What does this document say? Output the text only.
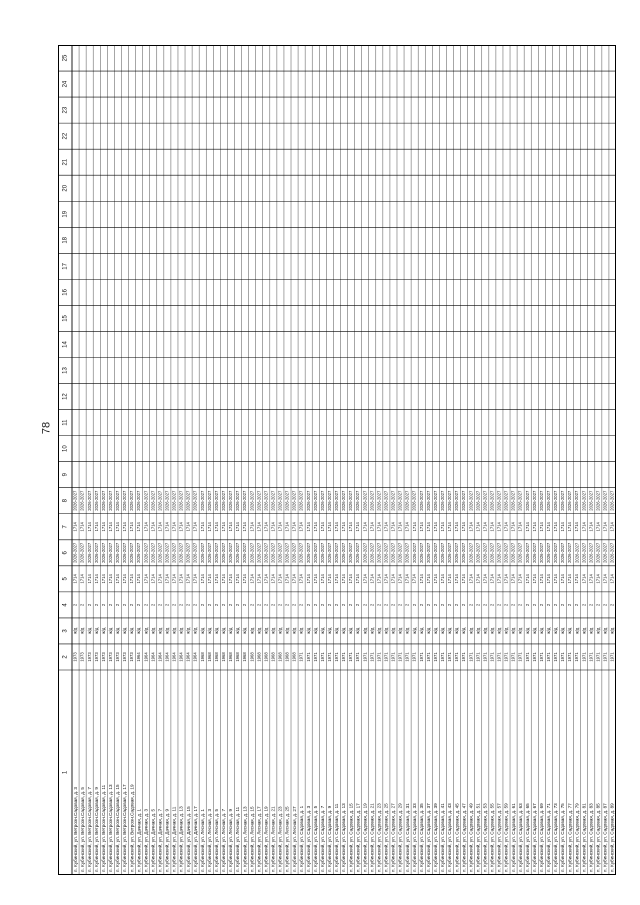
78
1
2
3
4
5
6
7
8
9
10
11
12
13
14
15
16
17
18
19
20
21
22
23
24
25
п. Кубинский, ул. Ветроэн.Садовая, д. 3
1973
ж/д
2
1714
2026-2027
1714
2026-2027
п. Кубинский, ул. Ветроэн.Садовая, д. 5
1973
ж/д
2
1714
2026-2027
1714
2026-2027
п. Кубинский, ул. Ветроэн.Садовая, д. 7
1973
ж/д
2
1714
2026-2027
1714
2026-2027
п. Кубинский, ул. Ветроэн.Садовая, д. 9
1973
ж/д
2
1714
2026-2027
1714
2026-2027
п. Кубинский, ул. Ветроэн.Садовая, д. 11
1973
ж/д
2
1714
2026-2027
1714
2026-2027
п. Кубинский, ул. Ветроэн.Садовая, д. 13
1973
ж/д
2
1714
2026-2027
1714
2026-2027
п. Кубинский, ул. Ветроэн.Садовая, д. 15
1973
ж/д
2
1714
2026-2027
1714
2026-2027
п. Кубинский, ул. Ветроэн.Садовая, д. 17
1973
ж/д
2
1714
2026-2027
1714
2026-2027
п. Кубинский, ул. Ветроэн.Садовая, д. 19
1973
ж/д
2
1714
2026-2027
1714
2026-2027
п. Кубинский, ул. Дачная, д. 1
1964
ж/д
2
1714
2026-2027
1714
2026-2027
п. Кубинский, ул. Дачная, д. 3
1964
ж/д
2
1714
2026-2027
1714
2026-2027
п. Кубинский, ул. Дачная, д. 5
1964
ж/д
2
1714
2026-2027
1714
2026-2027
п. Кубинский, ул. Дачная, д. 7
1964
ж/д
2
1714
2026-2027
1714
2026-2027
п. Кубинский, ул. Дачная, д. 9
1964
ж/д
2
1714
2026-2027
1714
2026-2027
п. Кубинский, ул. Дачная, д. 11
1964
ж/д
2
1714
2026-2027
1714
2026-2027
п. Кубинский, ул. Дачная, д. 13
1964
ж/д
2
1714
2026-2027
1714
2026-2027
п. Кубинский, ул. Дачная, д. 15
1964
ж/д
2
1714
2026-2027
1714
2026-2027
п. Кубинский, ул. Дачная, д. 17
1964
ж/д
2
1714
2026-2027
1714
2026-2027
п. Кубинский, ул. Лесная, д. 1
1968
ж/д
2
1714
2026-2027
1714
2026-2027
п. Кубинский, ул. Лесная, д. 3
1968
ж/д
2
1714
2026-2027
1714
2026-2027
п. Кубинский, ул. Лесная, д. 5
1968
ж/д
2
1714
2026-2027
1714
2026-2027
п. Кубинский, ул. Лесная, д. 7
1968
ж/д
2
1714
2026-2027
1714
2026-2027
п. Кубинский, ул. Лесная, д. 9
1968
ж/д
2
1714
2026-2027
1714
2026-2027
п. Кубинский, ул. Лесная, д. 11
1968
ж/д
2
1714
2026-2027
1714
2026-2027
п. Кубинский, ул. Лесная, д. 13
1968
ж/д
2
1714
2026-2027
1714
2026-2027
п. Кубинский, ул. Лесная, д. 15
1968
ж/д
2
1714
2026-2027
1714
2026-2027
п. Кубинский, ул. Лесная, д. 17
1968
ж/д
2
1714
2026-2027
1714
2026-2027
п. Кубинский, ул. Лесная, д. 19
1968
ж/д
2
1714
2026-2027
1714
2026-2027
п. Кубинский, ул. Лесная, д. 21
1968
ж/д
2
1714
2026-2027
1714
2026-2027
п. Кубинский, ул. Лесная, д. 23
1968
ж/д
2
1714
2026-2027
1714
2026-2027
п. Кубинский, ул. Лесная, д. 25
1968
ж/д
2
1714
2026-2027
1714
2026-2027
п. Кубинский, ул. Лесная, д. 27
1968
ж/д
2
1714
2026-2027
1714
2026-2027
п. Кубинский, ул. Садовая, д. 1
1971
ж/д
2
1714
2026-2027
1714
2026-2027
п. Кубинский, ул. Садовая, д. 3
1971
ж/д
2
1714
2026-2027
1714
2026-2027
п. Кубинский, ул. Садовая, д. 5
1971
ж/д
2
1714
2026-2027
1714
2026-2027
п. Кубинский, ул. Садовая, д. 7
1971
ж/д
2
1714
2026-2027
1714
2026-2027
п. Кубинский, ул. Садовая, д. 9
1971
ж/д
2
1714
2026-2027
1714
2026-2027
п. Кубинский, ул. Садовая, д. 11
1971
ж/д
2
1714
2026-2027
1714
2026-2027
п. Кубинский, ул. Садовая, д. 13
1971
ж/д
2
1714
2026-2027
1714
2026-2027
п. Кубинский, ул. Садовая, д. 15
1971
ж/д
2
1714
2026-2027
1714
2026-2027
п. Кубинский, ул. Садовая, д. 17
1971
ж/д
2
1714
2026-2027
1714
2026-2027
п. Кубинский, ул. Садовая, д. 19
1971
ж/д
2
1714
2026-2027
1714
2026-2027
п. Кубинский, ул. Садовая, д. 21
1971
ж/д
2
1714
2026-2027
1714
2026-2027
п. Кубинский, ул. Садовая, д. 23
1971
ж/д
2
1714
2026-2027
1714
2026-2027
п. Кубинский, ул. Садовая, д. 25
1971
ж/д
2
1714
2026-2027
1714
2026-2027
п. Кубинский, ул. Садовая, д. 27
1971
ж/д
2
1714
2026-2027
1714
2026-2027
п. Кубинский, ул. Садовая, д. 29
1971
ж/д
2
1714
2026-2027
1714
2026-2027
п. Кубинский, ул. Садовая, д. 31
1971
ж/д
2
1714
2026-2027
1714
2026-2027
п. Кубинский, ул. Садовая, д. 33
1971
ж/д
2
1714
2026-2027
1714
2026-2027
п. Кубинский, ул. Садовая, д. 35
1971
ж/д
2
1714
2026-2027
1714
2026-2027
п. Кубинский, ул. Садовая, д. 37
1971
ж/д
2
1714
2026-2027
1714
2026-2027
п. Кубинский, ул. Садовая, д. 39
1971
ж/д
2
1714
2026-2027
1714
2026-2027
п. Кубинский, ул. Садовая, д. 41
1971
ж/д
2
1714
2026-2027
1714
2026-2027
п. Кубинский, ул. Садовая, д. 43
1971
ж/д
2
1714
2026-2027
1714
2026-2027
п. Кубинский, ул. Садовая, д. 45
1971
ж/д
2
1714
2026-2027
1714
2026-2027
п. Кубинский, ул. Садовая, д. 47
1971
ж/д
2
1714
2026-2027
1714
2026-2027
п. Кубинский, ул. Садовая, д. 49
1971
ж/д
2
1714
2026-2027
1714
2026-2027
п. Кубинский, ул. Садовая, д. 51
1971
ж/д
2
1714
2026-2027
1714
2026-2027
п. Кубинский, ул. Садовая, д. 53
1971
ж/д
2
1714
2026-2027
1714
2026-2027
п. Кубинский, ул. Садовая, д. 55
1971
ж/д
2
1714
2026-2027
1714
2026-2027
п. Кубинский, ул. Садовая, д. 57
1971
ж/д
2
1714
2026-2027
1714
2026-2027
п. Кубинский, ул. Садовая, д. 59
1971
ж/д
2
1714
2026-2027
1714
2026-2027
п. Кубинский, ул. Садовая, д. 61
1971
ж/д
2
1714
2026-2027
1714
2026-2027
п. Кубинский, ул. Садовая, д. 63
1971
ж/д
2
1714
2026-2027
1714
2026-2027
п. Кубинский, ул. Садовая, д. 65
1971
ж/д
2
1714
2026-2027
1714
2026-2027
п. Кубинский, ул. Садовая, д. 67
1971
ж/д
2
1714
2026-2027
1714
2026-2027
п. Кубинский, ул. Садовая, д. 69
1971
ж/д
2
1714
2026-2027
1714
2026-2027
п. Кубинский, ул. Садовая, д. 71
1971
ж/д
2
1714
2026-2027
1714
2026-2027
п. Кубинский, ул. Садовая, д. 73
1971
ж/д
2
1714
2026-2027
1714
2026-2027
п. Кубинский, ул. Садовая, д. 75
1971
ж/д
2
1714
2026-2027
1714
2026-2027
п. Кубинский, ул. Садовая, д. 77
1971
ж/д
2
1714
2026-2027
1714
2026-2027
п. Кубинский, ул. Садовая, д. 79
1971
ж/д
2
1714
2026-2027
1714
2026-2027
п. Кубинский, ул. Садовая, д. 81
1971
ж/д
2
1714
2026-2027
1714
2026-2027
п. Кубинский, ул. Садовая, д. 83
1971
ж/д
2
1714
2026-2027
1714
2026-2027
п. Кубинский, ул. Садовая, д. 85
1971
ж/д
2
1714
2026-2027
1714
2026-2027
п. Кубинский, ул. Садовая, д. 87
1971
ж/д
2
1714
2026-2027
1714
2026-2027
п. Кубинский, ул. Садовая, д. 89
1971
ж/д
2
1714
2026-2027
1714
2026-2027
